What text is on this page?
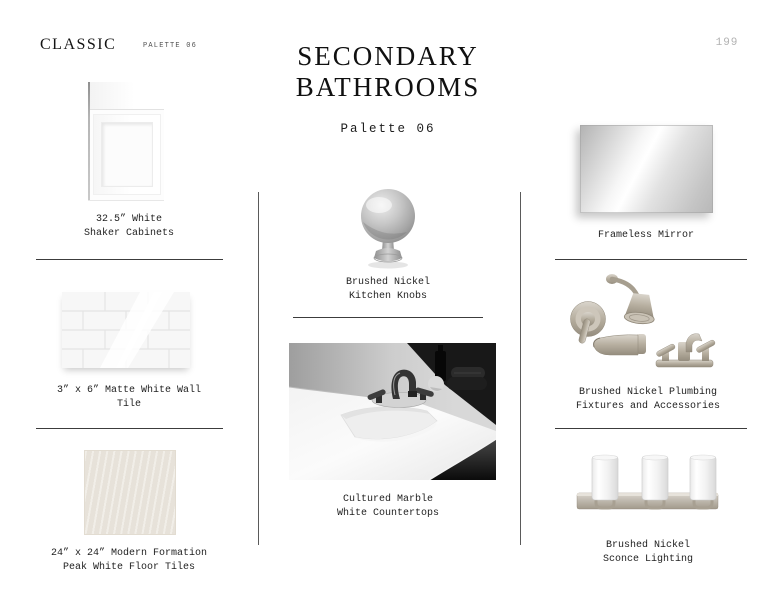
CLASSIC	PALETTE 06	199
SECONDARY
BATHROOMS
Palette 06
32.5” White
Shaker Cabinets
3” x 6” Matte White Wall
Tile
24” x 24” Modern Formation
Peak White Floor Tiles
Brushed Nickel
Kitchen Knobs
Cultured Marble
White Countertops
Frameless Mirror
Brushed Nickel Plumbing
Fixtures and Accessories
Brushed Nickel
Sconce Lighting
